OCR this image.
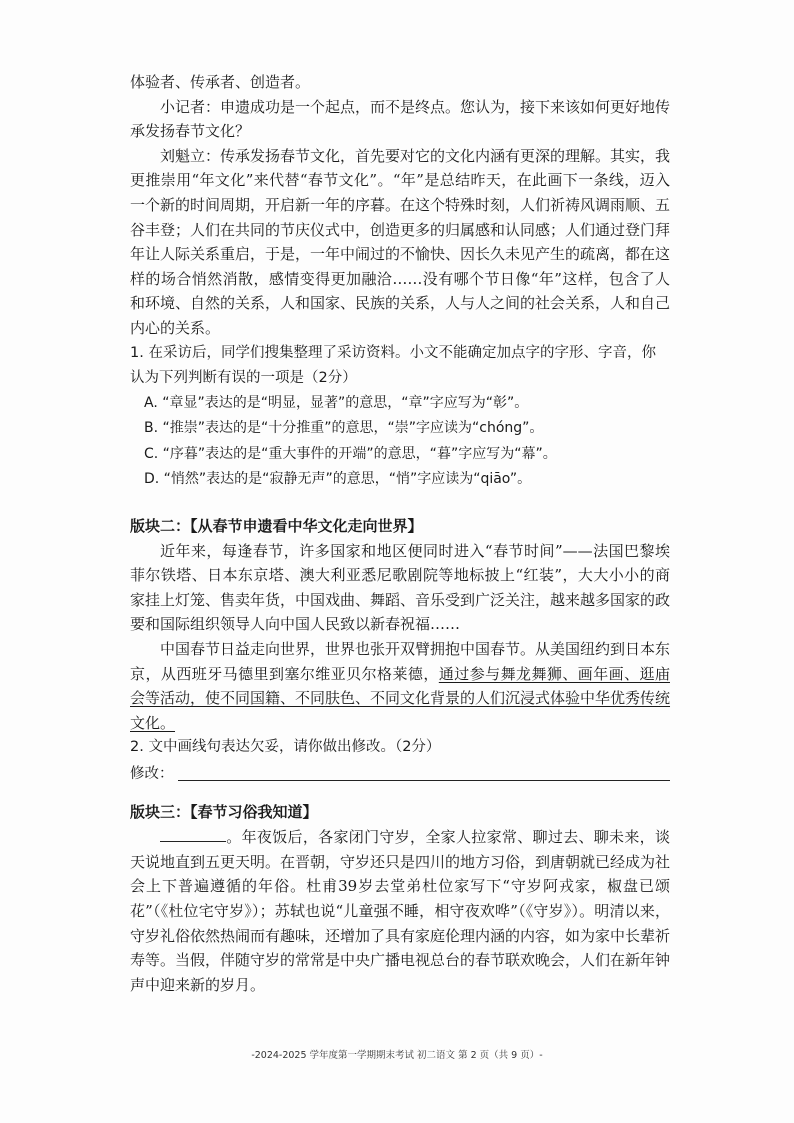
体验者、传承者、创造者。

小记者：申遗成功是一个起点，而不是终点。您认为，接下来该如何更好地传承发扬春节文化？

刘魁立：传承发扬春节文化，首先要对它的文化内涵有更深的理解。其实，我更推崇用“年文化”来代替“春节文化”。“年”是总结昨天，在此画下一条线，迈入一个新的时间周期，开启新一年的序暮。在这个特殊时刻，人们祈祷风调雨顺、五谷丰登；人们在共同的节庆仪式中，创造更多的归属感和认同感；人们通过登门拜年让人际关系重启，于是，一年中闹过的不愉快、因长久未见产生的疏离，都在这样的场合悄然消散，感情变得更加融洽……没有哪个节日像“年”这样，包含了人和环境、自然的关系，人和国家、民族的关系，人与人之间的社会关系，人和自己内心的关系。

1. 在采访后，同学们搜集整理了采访资料。小文不能确定加点字的字形、字音，你认为下列判断有误的一项是（2分）

A. “章显”表达的是“明显，显著”的意思，“章”字应写为“彰”。

B. “推崇”表达的是“十分推重”的意思，“崇”字应读为“chóng”。

C. “序暮”表达的是“重大事件的开端”的意思，“暮”字应写为“幕”。

D. “悄然”表达的是“寂静无声”的意思，“悄”字应读为“qiāo”。

版块二：【从春节申遗看中华文化走向世界】

近年来，每逢春节，许多国家和地区便同时进入“春节时间”——法国巴黎埃菲尔铁塔、日本东京塔、澳大利亚悉尼歌剧院等地标披上“红装”，大大小小的商家挂上灯笼、售卖年货，中国戏曲、舞蹈、音乐受到广泛关注，越来越多国家的政要和国际组织领导人向中国人民致以新春祝福……

中国春节日益走向世界，世界也张开双臂拥抱中国春节。从美国纽约到日本东京，从西班牙马德里到塞尔维亚贝尔格莱德，通过参与舞龙舞狮、画年画、逛庙会等活动，使不同国籍、不同肤色、不同文化背景的人们沉浸式体验中华优秀传统文化。

2. 文中画线句表达欠妥，请你做出修改。（2分）

修改：

版块三：【春节习俗我知道】

。年夜饭后，各家闭门守岁，全家人拉家常、聊过去、聊未来，谈天说地直到五更天明。在晋朝，守岁还只是四川的地方习俗，到唐朝就已经成为社会上下普遍遵循的年俗。杜甫39岁去堂弟杜位家写下“守岁阿戎家，椒盘已颂花”（《杜位宅守岁》）；苏轼也说“儿童强不睡，相守夜欢哗”（《守岁》）。明清以来，守岁礼俗依然热闹而有趣味，还增加了具有家庭伦理内涵的内容，如为家中长辈祈寿等。当假，伴随守岁的常常是中央广播电视总台的春节联欢晚会，人们在新年钟声中迎来新的岁月。

-2024-2025 学年度第一学期期末考试 初二语文 第 2 页（共 9 页）-
